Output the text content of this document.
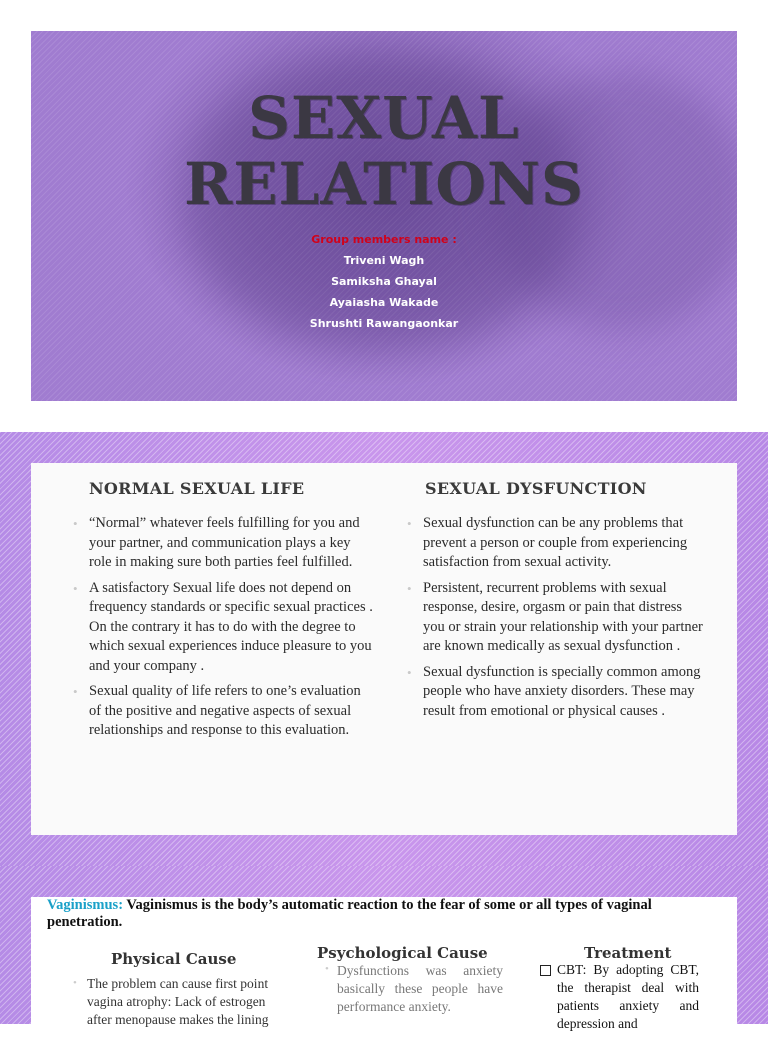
SEXUAL
RELATIONS
Group members name :
Triveni Wagh
Samiksha Ghayal
Ayaiasha Wakade
Shrushti Rawangaonkar
NORMAL SEXUAL LIFE
• “Normal” whatever feels fulfilling for you and your partner, and communication plays a key role in making sure both parties feel fulfilled.
• A satisfactory Sexual life does not depend on frequency standards or specific sexual practices . On the contrary it has to do with the degree to which sexual experiences induce pleasure to you and your company .
• Sexual quality of life refers to one’s evaluation of the positive and negative aspects of sexual relationships and response to this evaluation.
SEXUAL DYSFUNCTION
• Sexual dysfunction can be any problems that prevent a person or couple from experiencing satisfaction from sexual activity.
• Persistent, recurrent problems with sexual response, desire, orgasm or pain that distress you or strain your relationship with your partner are known medically as sexual dysfunction .
• Sexual dysfunction is specially common among people who have anxiety disorders. These may result from emotional or physical causes .
Vaginismus: Vaginismus is the body’s automatic reaction to the fear of some or all types of vaginal penetration.
Physical Cause
• The problem can cause first point vagina atrophy: Lack of estrogen after menopause makes the lining
Psychological Cause
• Dysfunctions was anxiety basically these people have performance anxiety.
Treatment
CBT: By adopting CBT, the therapist deal with patients anxiety and depression and
